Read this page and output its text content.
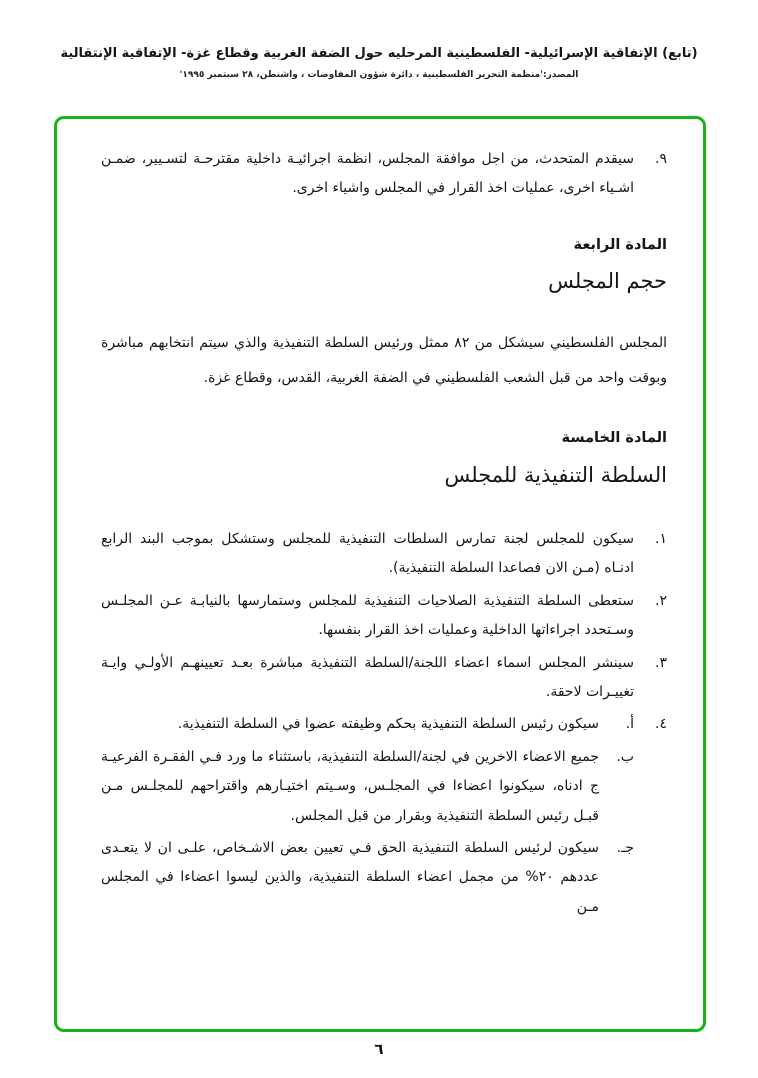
(تابع) الإتفاقية الإسرائيلية- الفلسطينية المرحليه حول الضفة الغربية وقطاع غزة- الإتفاقية الإنتقالية
المصدر:'منظمة التحرير الفلسطينية ، دائرة شؤون المفاوضات ، واشنطن، ٢٨ سبتمبر ١٩٩٥'
٩.
سيقدم المتحدث، من اجل موافقة المجلس، انظمة اجرائيـة داخلية مقترحـة لتسـيير، ضمـن اشـياء اخرى، عمليات اخذ القرار في المجلس واشياء اخرى.
المادة الرابعة
حجم المجلس

المجلس الفلسطيني سيشكل من ٨٢ ممثل ورئيس السلطة التنفيذية والذي سيتم انتخابهم مباشرة وبوقت واحد من قبل الشعب الفلسطيني في الضفة الغربية، القدس، وقطاع غزة.

المادة الخامسة
السلطة التنفيذية للمجلس
١.
سيكون للمجلس لجنة تمارس السلطات التنفيذية للمجلس وستشكل بموجب البند الرابع ادنـاه (مـن الان فصاعدا السلطة التنفيذية).
٢.
ستعطى السلطة التنفيذية الصلاحيات التنفيذية للمجلس وستمارسها بالنيابـة عـن المجلـس وسـتحدد اجراءاتها الداخلية وعمليات اخذ القرار بنفسها.
٣.
سينشر المجلس اسماء اعضاء اللجنة/السلطة التنفيذية مباشرة بعـد تعيينهـم الأولـي وايـة تغييـرات لاحقة.
٤.
أ.
سيكون رئيس السلطة التنفيذية بحكم وظيفته عضوا في السلطة التنفيذية.
ب.
جميع الاعضاء الاخرين في لجنة/السلطة التنفيذية، باستثناء ما ورد فـي الفقـرة الفرعيـة ج ادناه، سيكونوا اعضاءا في المجلـس، وسـيتم اختيـارهم واقتراحهم للمجلـس مـن قبـل رئيس السلطة التنفيذية وبقرار من قبل المجلس.
جـ.
سيكون لرئيس السلطة التنفيذية الحق فـي تعيين بعض الاشـخاص، علـى ان لا يتعـدى عددهم ٢٠% من مجمل اعضاء السلطة التنفيذية، والذين ليسوا اعضاءا في المجلس مـن
٦
